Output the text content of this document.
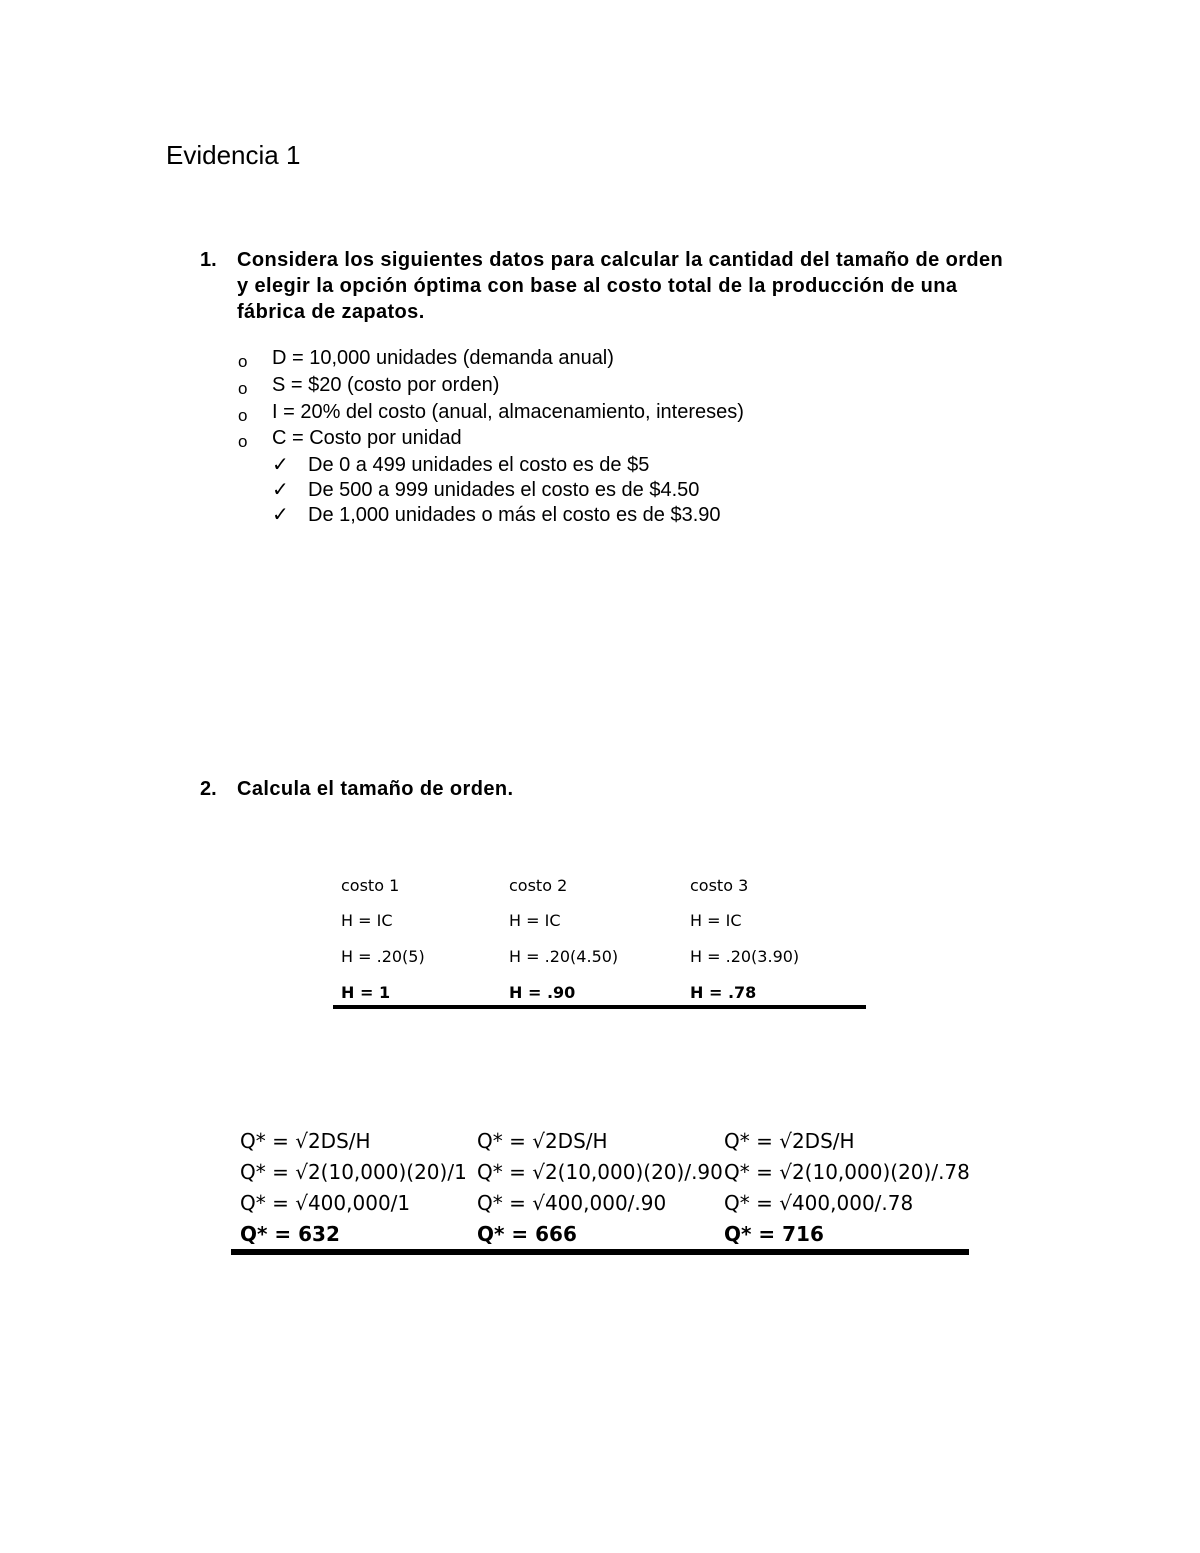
Evidencia 1
1. Considera los siguientes datos para calcular la cantidad del tamaño de orden
y elegir la opción óptima con base al costo total de la producción de una
fábrica de zapatos.
o D = 10,000 unidades (demanda anual)
o S = $20 (costo por orden)
o I = 20% del costo (anual, almacenamiento, intereses)
o C = Costo por unidad
✓ De 0 a 499 unidades el costo es de $5
✓ De 500 a 999 unidades el costo es de $4.50
✓ De 1,000 unidades o más el costo es de $3.90
2. Calcula el tamaño de orden.
costo 1
H = IC
H = .20(5)
H = 1
costo 2
H = IC
H = .20(4.50)
H = .90
costo 3
H = IC
H = .20(3.90)
H = .78
Q* = √2DS/H
Q* = √2(10,000)(20)/1
Q* = √400,000/1
Q* = 632
Q* = √2DS/H
Q* = √2(10,000)(20)/.90
Q* = √400,000/.90
Q* = 666
Q* = √2DS/H
Q* = √2(10,000)(20)/.78
Q* = √400,000/.78
Q* = 716
